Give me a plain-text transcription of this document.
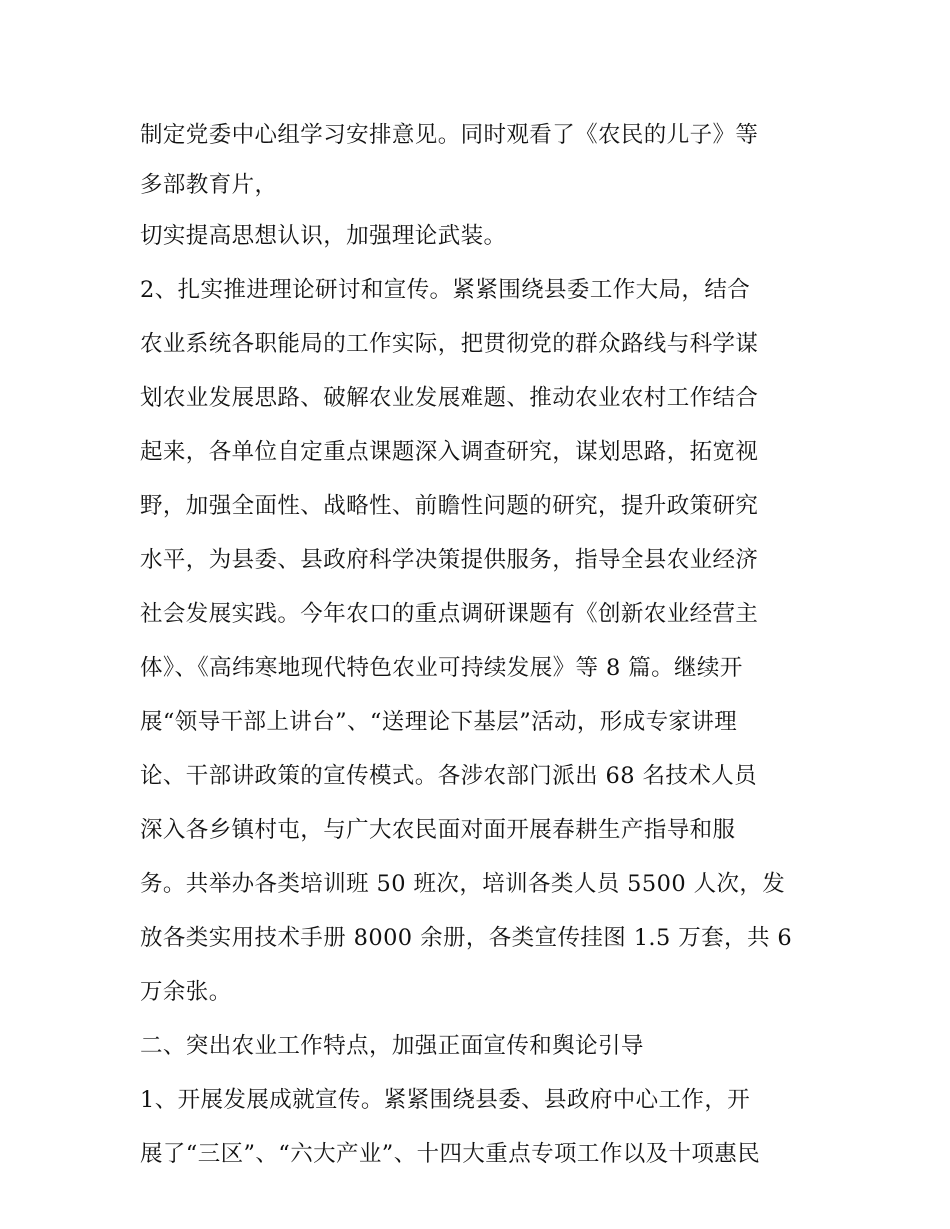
制定党委中心组学习安排意见。同时观看了《农民的儿子》等
多部教育片，
切实提高思想认识，加强理论武装。
2、扎实推进理论研讨和宣传。紧紧围绕县委工作大局，结合
农业系统各职能局的工作实际，把贯彻党的群众路线与科学谋
划农业发展思路、破解农业发展难题、推动农业农村工作结合
起来，各单位自定重点课题深入调查研究，谋划思路，拓宽视
野，加强全面性、战略性、前瞻性问题的研究，提升政策研究
水平，为县委、县政府科学决策提供服务，指导全县农业经济
社会发展实践。今年农口的重点调研课题有《创新农业经营主
体》、《高纬寒地现代特色农业可持续发展》等 8 篇。继续开
展“领导干部上讲台”、“送理论下基层”活动，形成专家讲理
论、干部讲政策的宣传模式。各涉农部门派出 68 名技术人员
深入各乡镇村屯，与广大农民面对面开展春耕生产指导和服
务。共举办各类培训班 50 班次，培训各类人员 5500 人次，发
放各类实用技术手册 8000 余册，各类宣传挂图 1.5 万套，共 6
万余张。
二、突出农业工作特点，加强正面宣传和舆论引导
1、开展发展成就宣传。紧紧围绕县委、县政府中心工作，开
展了“三区”、“六大产业”、十四大重点专项工作以及十项惠民
